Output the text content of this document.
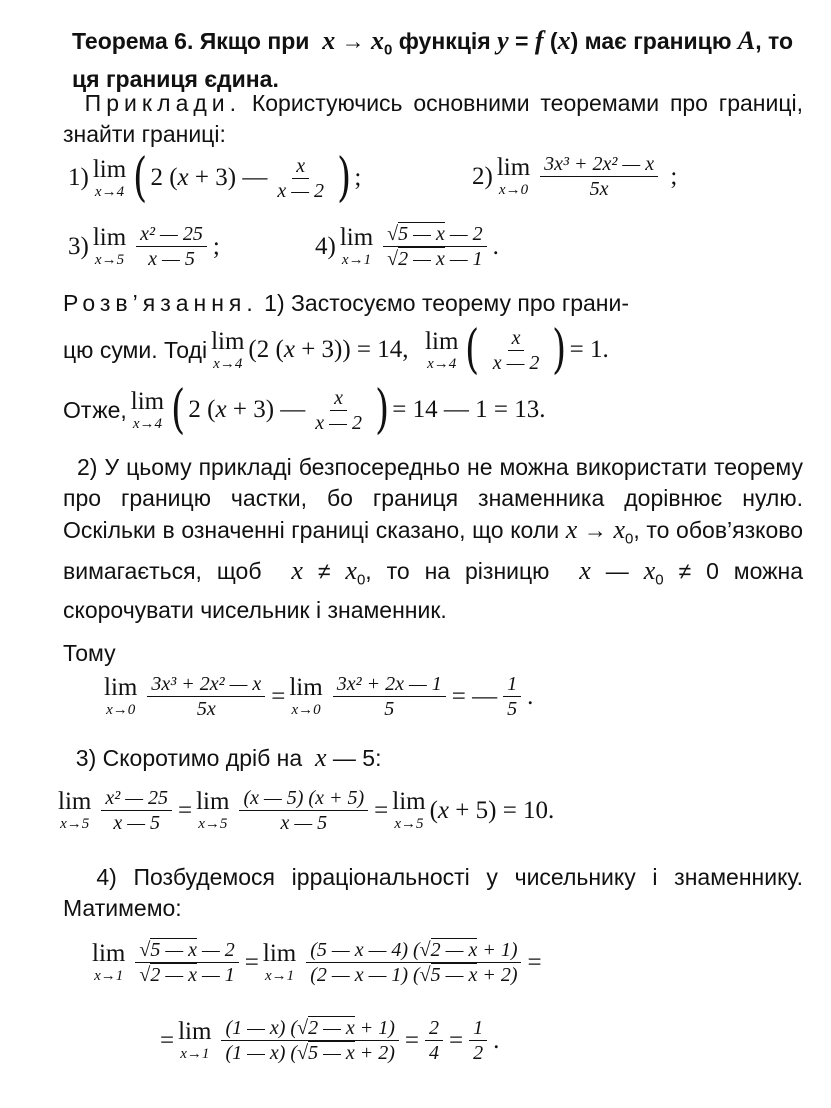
Теорема 6. Якщо при  $x \to x_0$ функція y = f (x) має границю A, то ця границя єдина.
Приклади. Користуючись основними теоремами про границі, знайти границі:
1) lim
x→4 ( 2 (x + 3) — $\frac{x}{x — 2}$ ) ;	2) lim
$x\to 0 \frac{\text{3x³ + 2x² — x}}{5x}$ ;
3) lim
$x\to 5 \frac{\text{x² — 25}}{x — 5}$ ;	4) lim
$x\to 1 \frac{√5 — x — 2}{√2 — x — 1}$ .
Розв’язання. 1) Застосуємо теорему про грани-
цю суми. Тоді lim
x→4
(2 (x + 3)) = 14, lim
x→4 ( $\frac{x}{x — 2}$ ) = 1.
Отже, lim
x→4 ( 2 (x + 3) — $\frac{x}{x — 2}$ ) = 14 — 1 = 13.
2) У цьому прикладі безпосередньо не можна використати теорему про границю частки, бо границя знаменника дорівнює нулю. Оскільки в означенні границі сказано, що коли $x \to x_0$, то обов’язково вимагається, щоб  $x \ne x_0$, то на різницю  x — $x_0 \ne 0$ можна скорочувати чисельник і знаменник.
Тому
lim
$x\to 0 \frac{\text{3x³ + 2x² — x}}{5x} = \lim$
$x\to 0 \frac{\text{3x² + 2x — 1}}{5}$ = — $\frac{1}{5}$ .
3) Скоротимо дріб на  x — 5:
lim
$x\to 5 \frac{\text{x² — 25}}{x — 5} = \lim$
$x\to 5 \frac{(x — 5) (x + 5)}{x — 5} = \lim$
x→5
(x + 5) = 10.
4) Позбудемося ірраціональності у чисельнику і знаменнику. Матимемо:
lim
$x\to 1 \frac{√5 — x — 2}{√2 — x — 1} = \lim$
$x\to 1 \frac{(5 — x — 4) (√2 — x + 1)}{(2 — x — 1) (√5 — x + 2)}$ =
= lim
$x\to 1 \frac{(1 — x) (√2 — x + 1)}{(1 — x) (√5 — x + 2)} = \frac{2}{4} = \frac{1}{2}$ .
